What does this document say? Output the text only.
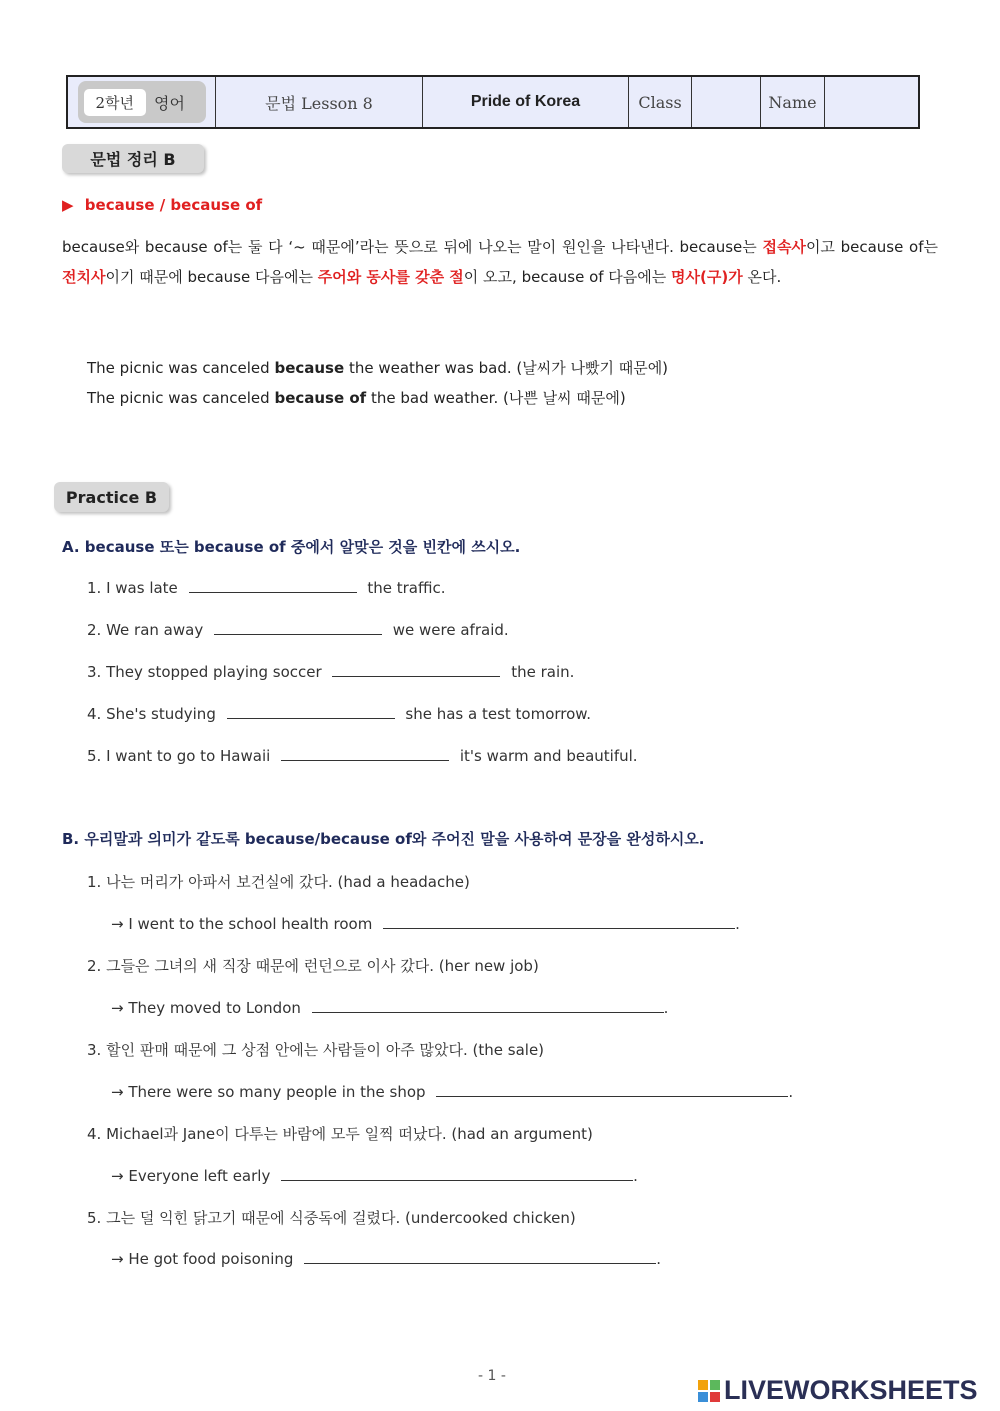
2학년	영어	문법 Lesson 8	Pride of Korea	Class	Name
문법 정리 B
▶ because / because of
because와 because of는 둘 다 ‘~ 때문에’라는 뜻으로 뒤에 나오는 말이 원인을 나타낸다. because는 접속사이고 because of는 전치사이기 때문에 because 다음에는 주어와 동사를 갖춘 절이 오고, because of 다음에는 명사(구)가 온다.
The picnic was canceled because the weather was bad. (날씨가 나빴기 때문에)
The picnic was canceled because of the bad weather. (나쁜 날씨 때문에)
Practice B
A. because 또는 because of 중에서 알맞은 것을 빈칸에 쓰시오.
1. I was late	the traffic.
2. We ran away	we were afraid.
3. They stopped playing soccer	the rain.
4. She's studying	she has a test tomorrow.
5. I want to go to Hawaii	it's warm and beautiful.
B. 우리말과 의미가 같도록 because/because of와 주어진 말을 사용하여 문장을 완성하시오.
1. 나는 머리가 아파서 보건실에 갔다. (had a headache)
→ I went to the school health room	.
2. 그들은 그녀의 새 직장 때문에 런던으로 이사 갔다. (her new job)
→ They moved to London	.
3. 할인 판매 때문에 그 상점 안에는 사람들이 아주 많았다. (the sale)
→ There were so many people in the shop	.
4. Michael과 Jane이 다투는 바람에 모두 일찍 떠났다. (had an argument)
→ Everyone left early	.
5. 그는 덜 익힌 닭고기 때문에 식중독에 걸렸다. (undercooked chicken)
→ He got food poisoning	.
- 1 -	LIVEWORKSHEETS
